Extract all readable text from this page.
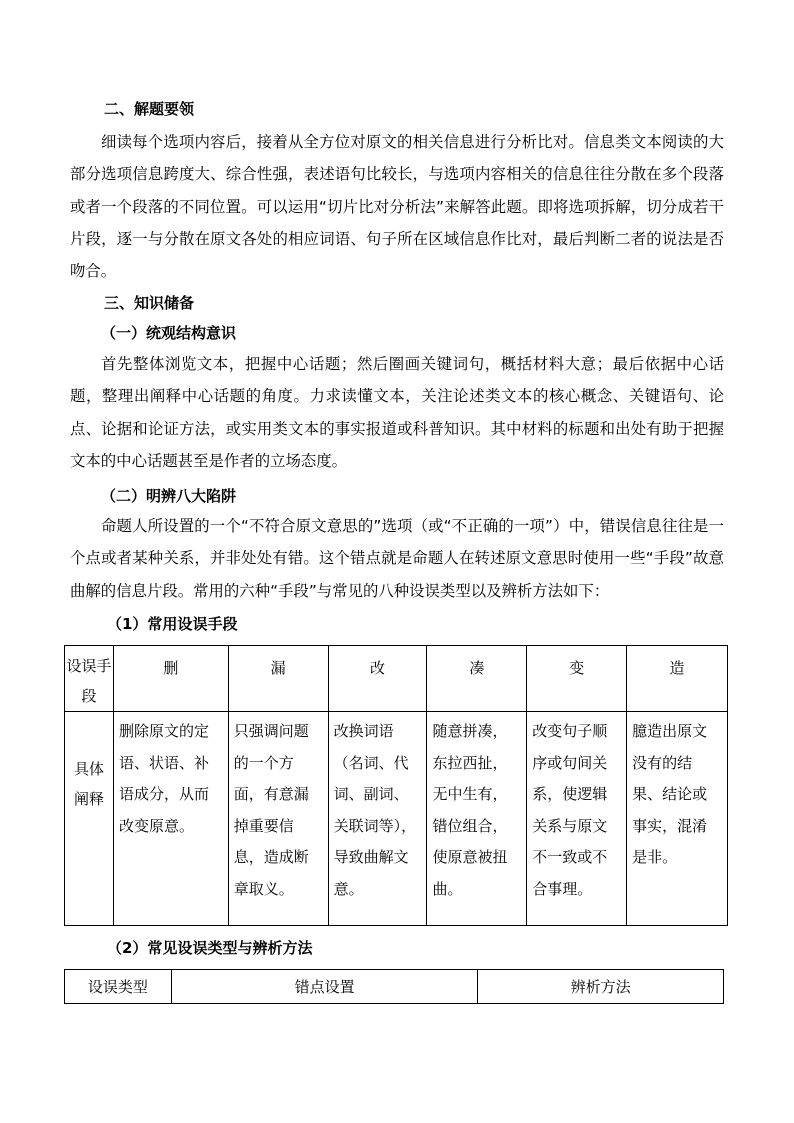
二、解题要领

细读每个选项内容后，接着从全方位对原文的相关信息进行分析比对。信息类文本阅读的大部分选项信息跨度大、综合性强，表述语句比较长，与选项内容相关的信息往往分散在多个段落或者一个段落的不同位置。可以运用“切片比对分析法”来解答此题。即将选项拆解，切分成若干片段，逐一与分散在原文各处的相应词语、句子所在区域信息作比对，最后判断二者的说法是否吻合。

三、知识储备
（一）统观结构意识

首先整体浏览文本，把握中心话题；然后圈画关键词句，概括材料大意；最后依据中心话题，整理出阐释中心话题的角度。力求读懂文本，关注论述类文本的核心概念、关键语句、论点、论据和论证方法，或实用类文本的事实报道或科普知识。其中材料的标题和出处有助于把握文本的中心话题甚至是作者的立场态度。

（二）明辨八大陷阱

命题人所设置的一个“不符合原文意思的”选项（或“不正确的一项”）中，错误信息往往是一个点或者某种关系，并非处处有错。这个错点就是命题人在转述原文意思时使用一些“手段”故意曲解的信息片段。常用的六种“手段”与常见的八种设误类型以及辨析方法如下：

（1）常用设误手段
设误手段	删	漏	改	凑	变	造
具体阐释	删除原文的定语、状语、补语成分，从而改变原意。	只强调问题的一个方面，有意漏掉重要信息，造成断章取义。	改换词语（名词、代词、副词、关联词等），导致曲解文意。	随意拼凑，东拉西扯，无中生有，错位组合，使原意被扭曲。	改变句子顺序或句间关系，使逻辑关系与原文不一致或不合事理。	臆造出原文没有的结果、结论或事实，混淆是非。
（2）常见设误类型与辨析方法
设误类型	错点设置	辨析方法
